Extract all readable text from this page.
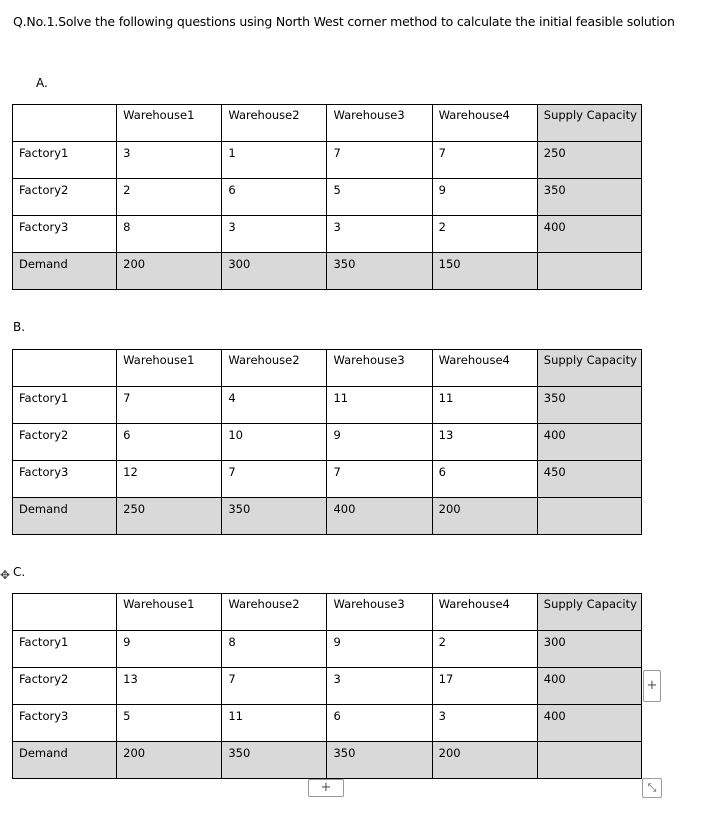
Q.No.1.Solve the following questions using North West corner method to calculate the initial feasible solution
A.
	Warehouse1	Warehouse2	Warehouse3	Warehouse4	Supply Capacity
Factory1	3	1	7	7	250
Factory2	2	6	5	9	350
Factory3	8	3	3	2	400
Demand	200	300	350	150	
B.
	Warehouse1	Warehouse2	Warehouse3	Warehouse4	Supply Capacity
Factory1	7	4	11	11	350
Factory2	6	10	9	13	400
Factory3	12	7	7	6	450
Demand	250	350	400	200	
✥ C.
	Warehouse1	Warehouse2	Warehouse3	Warehouse4	Supply Capacity
Factory1	9	8	9	2	300
Factory2	13	7	3	17	400
Factory3	5	11	6	3	400
Demand	200	350	350	200	
+
+	⤡
